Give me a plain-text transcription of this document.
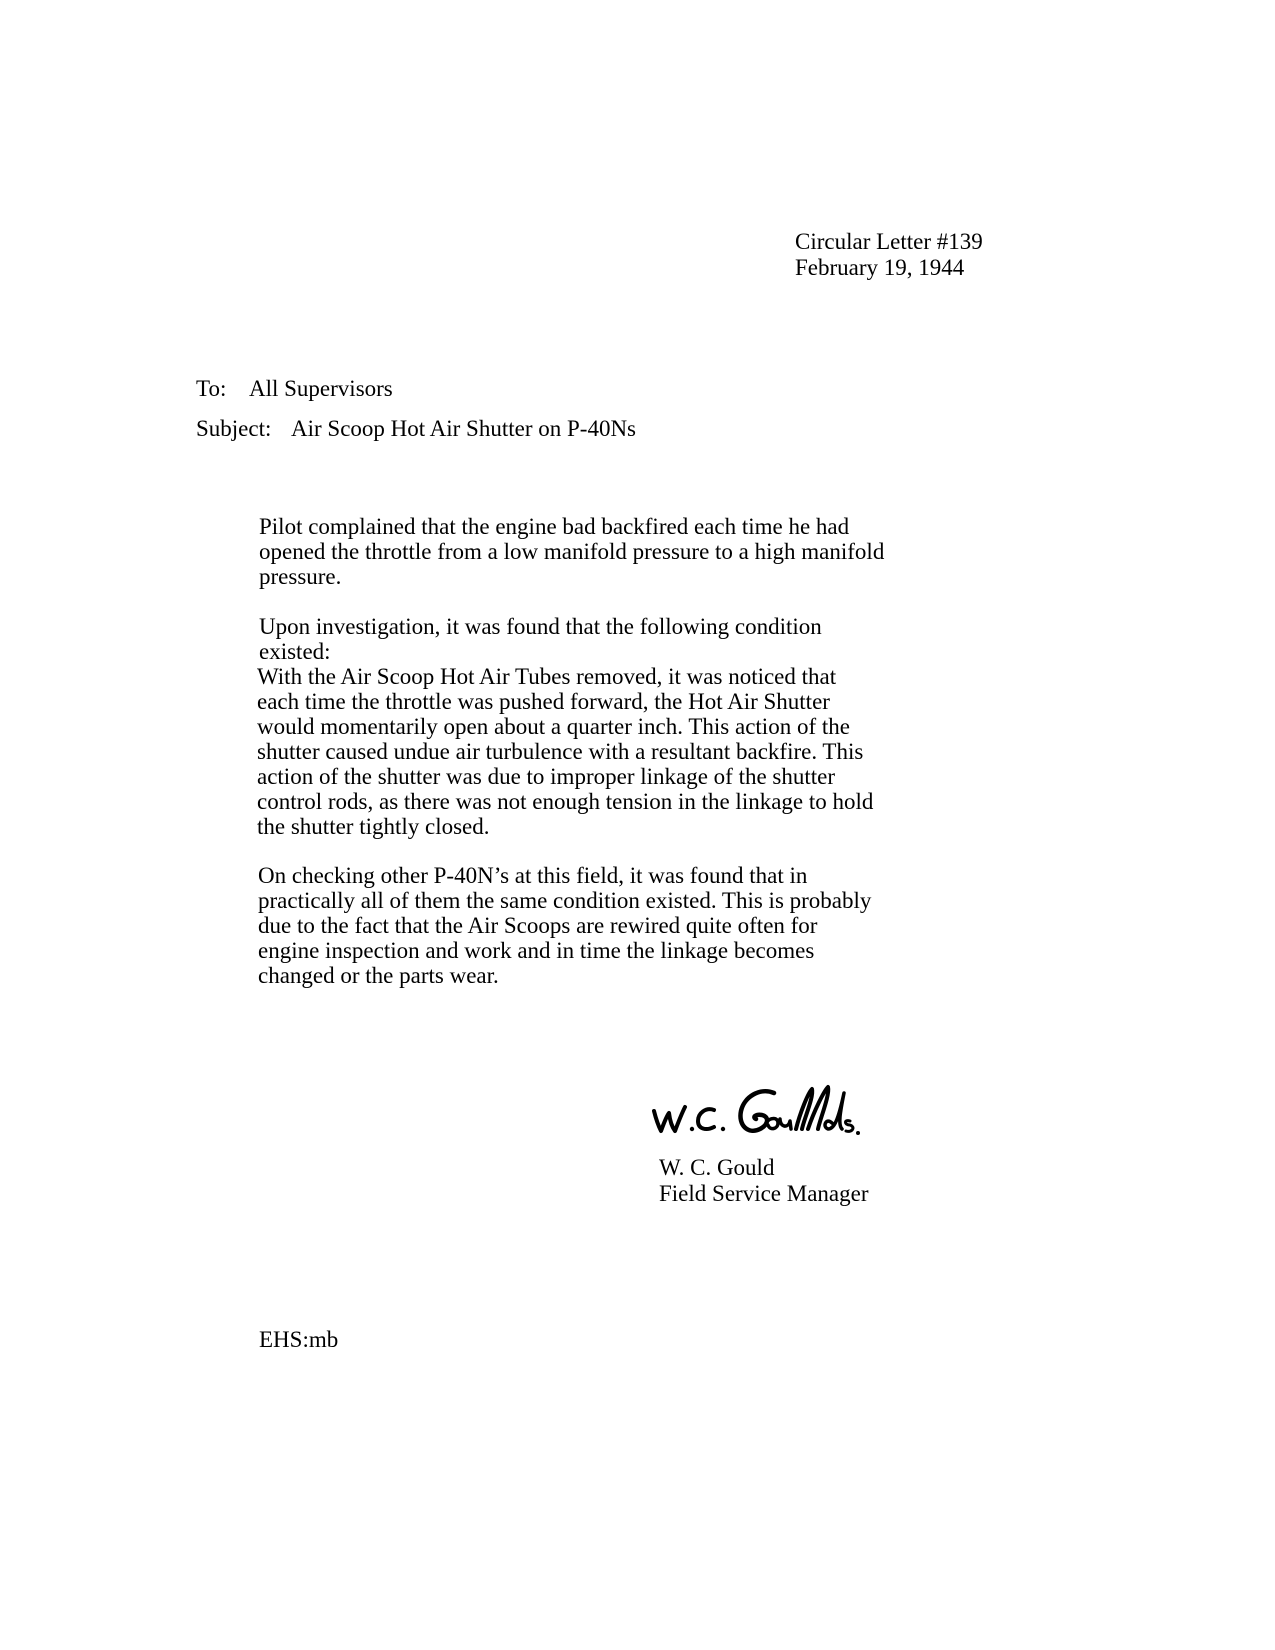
Circular Letter #139
February 19, 1944
To: All Supervisors
Subject: Air Scoop Hot Air Shutter on P-40Ns
Pilot complained that the engine bad backfired each time he had
opened the throttle from a low manifold pressure to a high manifold
pressure.
Upon investigation, it was found that the following condition
existed:
With the Air Scoop Hot Air Tubes removed, it was noticed that
each time the throttle was pushed forward, the Hot Air Shutter
would momentarily open about a quarter inch. This action of the
shutter caused undue air turbulence with a resultant backfire. This
action of the shutter was due to improper linkage of the shutter
control rods, as there was not enough tension in the linkage to hold
the shutter tightly closed.
On checking other P-40N’s at this field, it was found that in
practically all of them the same condition existed. This is probably
due to the fact that the Air Scoops are rewired quite often for
engine inspection and work and in time the linkage becomes
changed or the parts wear.
W. C. Gould
Field Service Manager
EHS:mb
